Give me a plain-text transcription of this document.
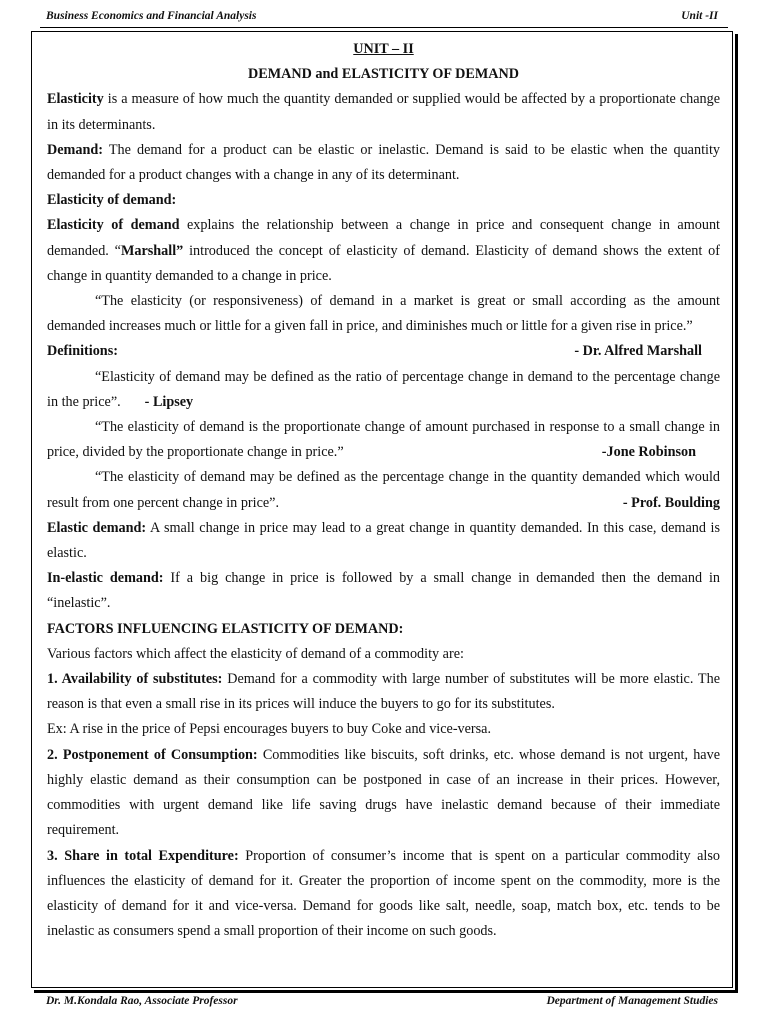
Business Economics and Financial Analysis	Unit -II

UNIT – II

DEMAND and ELASTICITY OF DEMAND

Elasticity is a measure of how much the quantity demanded or supplied would be affected by a proportionate change in its determinants.

Demand: The demand for a product can be elastic or inelastic. Demand is said to be elastic when the quantity demanded for a product changes with a change in any of its determinant.

Elasticity of demand:

Elasticity of demand explains the relationship between a change in price and consequent change in amount demanded. “Marshall” introduced the concept of elasticity of demand. Elasticity of demand shows the extent of change in quantity demanded to a change in price.

“The elasticity (or responsiveness) of demand in a market is great or small according as the amount demanded increases much or little for a given fall in price, and diminishes much or little for a given rise in price.”
- Dr. Alfred Marshall

Definitions:

“Elasticity of demand may be defined as the ratio of percentage change in demand to the percentage change in the price”. - Lipsey

“The elasticity of demand is the proportionate change of amount purchased in response to a small change in price, divided by the proportionate change in price.”	-Jone Robinson

“The elasticity of demand may be defined as the percentage change in the quantity demanded which would result from one percent change in price”.	- Prof. Boulding

Elastic demand: A small change in price may lead to a great change in quantity demanded. In this case, demand is elastic.

In-elastic demand: If a big change in price is followed by a small change in demanded then the demand in “inelastic”.

FACTORS INFLUENCING ELASTICITY OF DEMAND:

Various factors which affect the elasticity of demand of a commodity are:

1. Availability of substitutes: Demand for a commodity with large number of substitutes will be more elastic. The reason is that even a small rise in its prices will induce the buyers to go for its substitutes.

Ex: A rise in the price of Pepsi encourages buyers to buy Coke and vice-versa.

2. Postponement of Consumption: Commodities like biscuits, soft drinks, etc. whose demand is not urgent, have highly elastic demand as their consumption can be postponed in case of an increase in their prices. However, commodities with urgent demand like life saving drugs have inelastic demand because of their immediate requirement.

3. Share in total Expenditure: Proportion of consumer’s income that is spent on a particular commodity also influences the elasticity of demand for it. Greater the proportion of income spent on the commodity, more is the elasticity of demand for it and vice-versa. Demand for goods like salt, needle, soap, match box, etc. tends to be inelastic as consumers spend a small proportion of their income on such goods.

Dr. M.Kondala Rao, Associate Professor	Department of Management Studies
